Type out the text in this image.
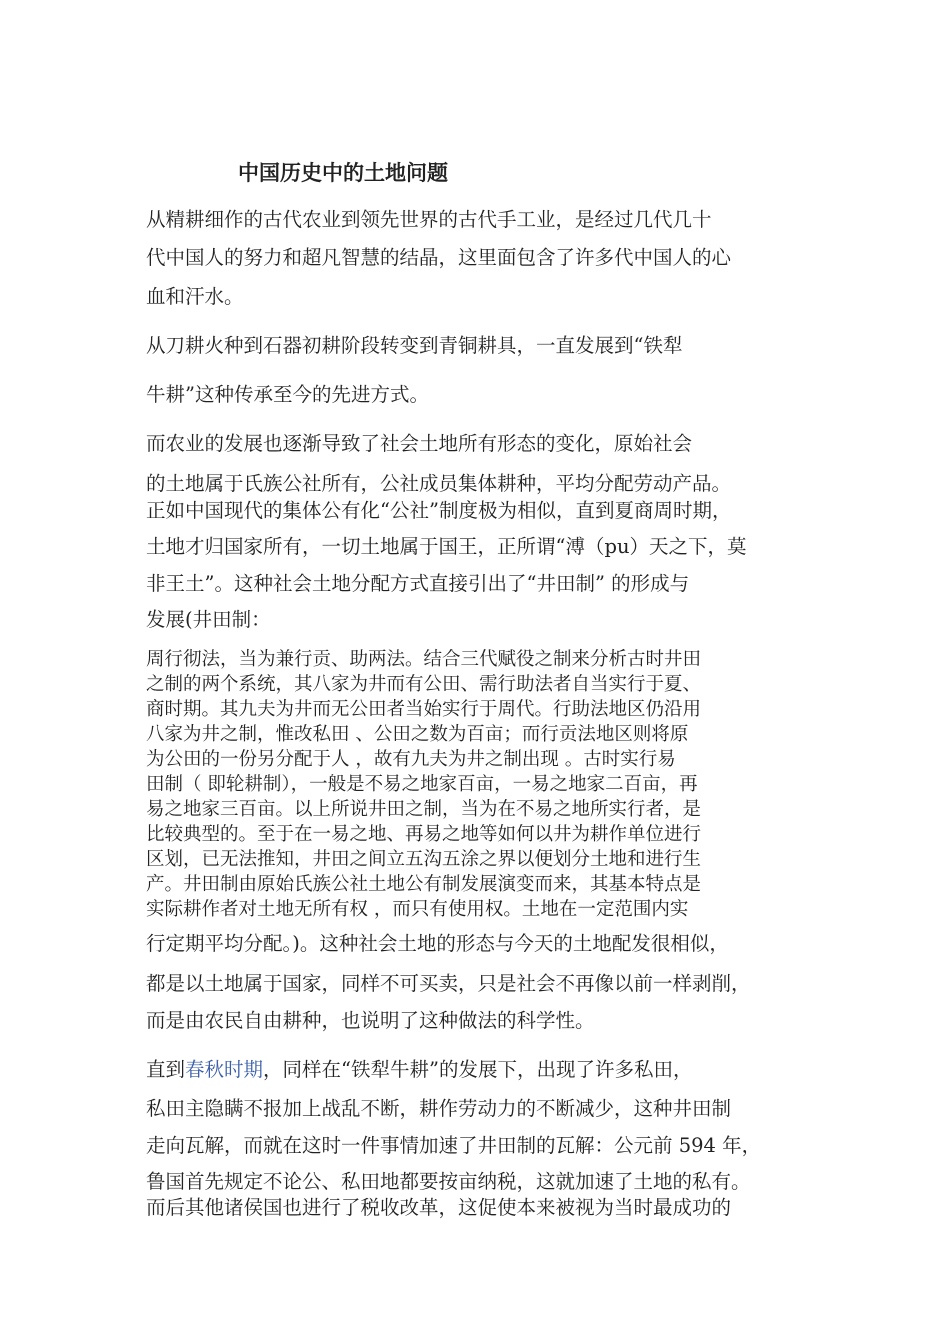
中国历史中的土地问题

从精耕细作的古代农业到领先世界的古代手工业，是经过几代几十

代中国人的努力和超凡智慧的结晶，这里面包含了许多代中国人的心

血和汗水。

从刀耕火种到石器初耕阶段转变到青铜耕具，一直发展到“铁犁

牛耕”这种传承至今的先进方式。

而农业的发展也逐渐导致了社会土地所有形态的变化，原始社会

的土地属于氏族公社所有，公社成员集体耕种，平均分配劳动产品。

正如中国现代的集体公有化“公社”制度极为相似，直到夏商周时期，

土地才归国家所有，一切土地属于国王，正所谓“溥（pu）天之下，莫

非王土”。这种社会土地分配方式直接引出了“井田制” 的形成与

发展(井田制：

周行彻法，当为兼行贡、助两法。结合三代赋役之制来分析古时井田

之制的两个系统，其八家为井而有公田、需行助法者自当实行于夏、

商时期。其九夫为井而无公田者当始实行于周代。行助法地区仍沿用

八家为井之制，惟改私田 、公田之数为百亩；而行贡法地区则将原

为公田的一份另分配于人 ，故有九夫为井之制出现 。古时实行易

田制（ 即轮耕制），一般是不易之地家百亩，一易之地家二百亩，再

易之地家三百亩。以上所说井田之制，当为在不易之地所实行者，是

比较典型的。至于在一易之地、再易之地等如何以井为耕作单位进行

区划，已无法推知，井田之间立五沟五涂之界以便划分土地和进行生

产。井田制由原始氏族公社土地公有制发展演变而来，其基本特点是

实际耕作者对土地无所有权 ，而只有使用权。土地在一定范围内实

行定期平均分配。)。这种社会土地的形态与今天的土地配发很相似，

都是以土地属于国家，同样不可买卖，只是社会不再像以前一样剥削，

而是由农民自由耕种，也说明了这种做法的科学性。

直到春秋时期，同样在“铁犁牛耕”的发展下，出现了许多私田，

私田主隐瞒不报加上战乱不断，耕作劳动力的不断减少，这种井田制

走向瓦解，而就在这时一件事情加速了井田制的瓦解：公元前 594 年，

鲁国首先规定不论公、私田地都要按亩纳税，这就加速了土地的私有。

而后其他诸侯国也进行了税收改革，这促使本来被视为当时最成功的
